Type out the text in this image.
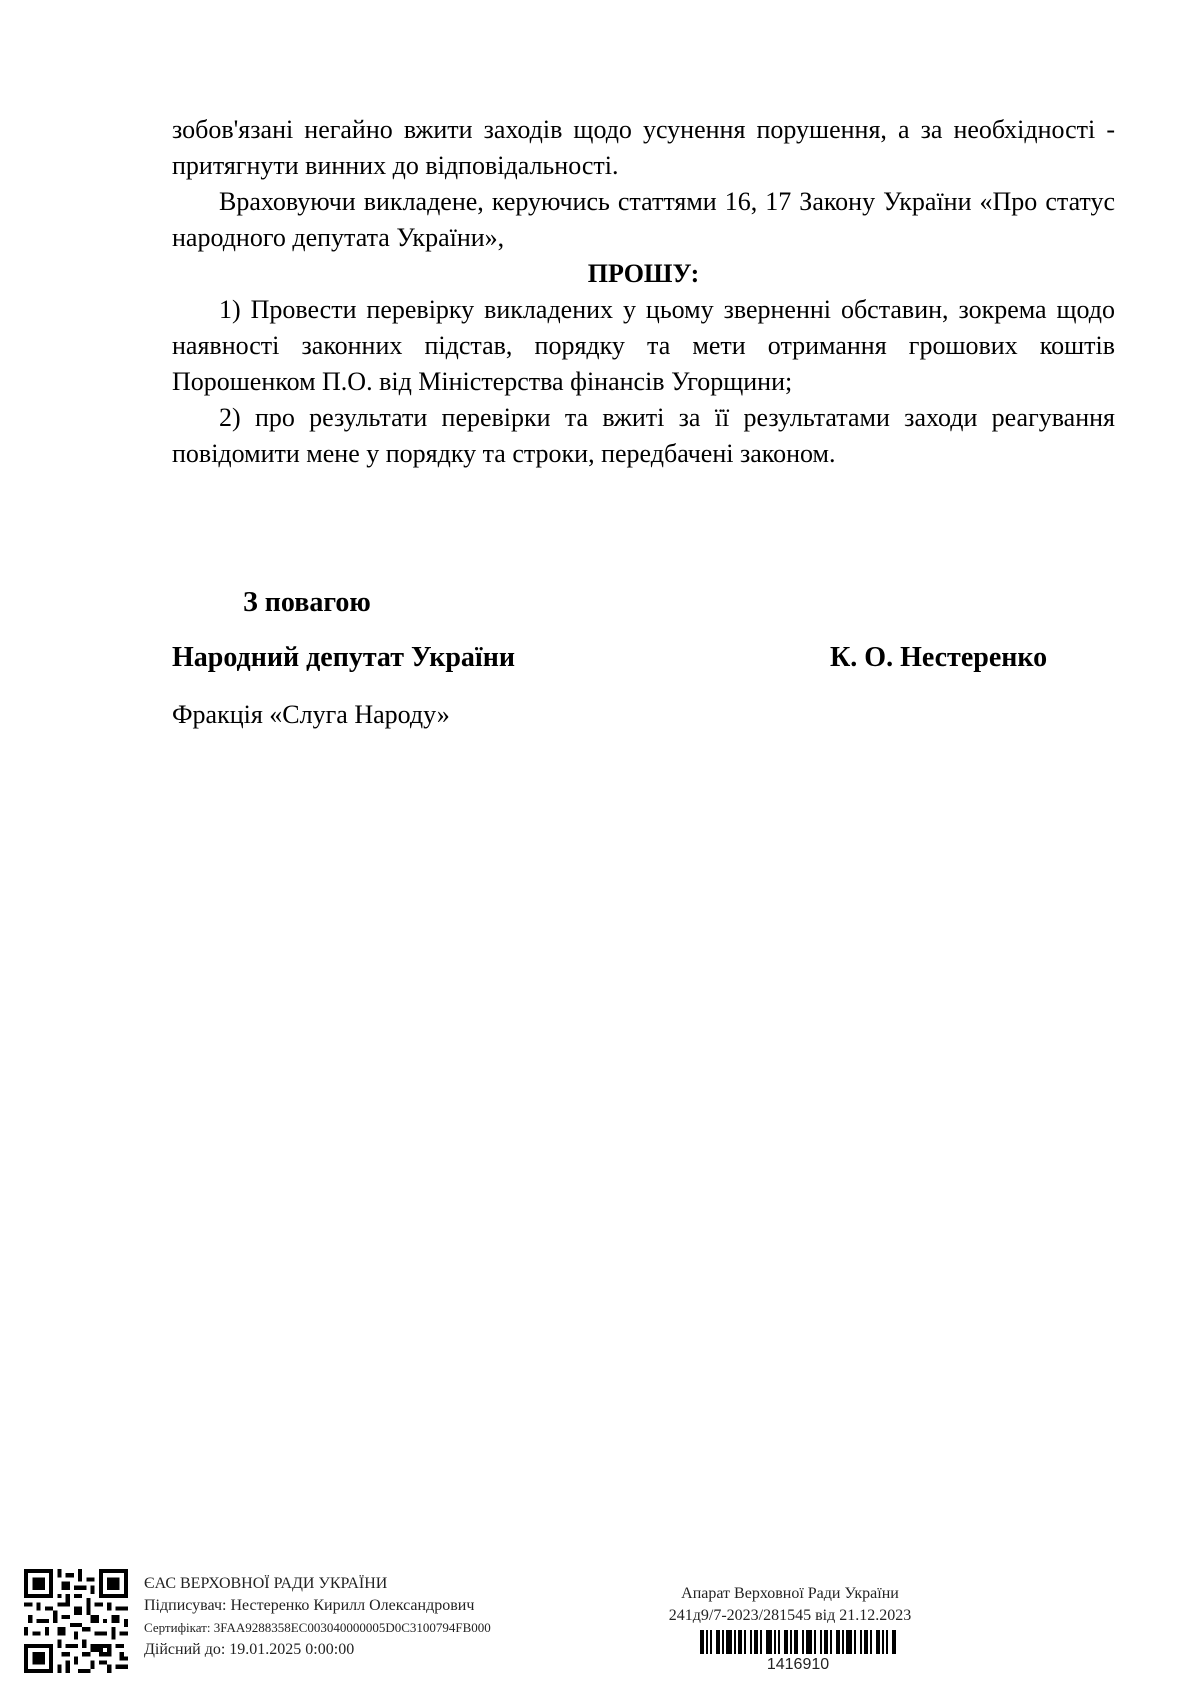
зобов'язані негайно вжити заходів щодо усунення порушення, а за необхідності - притягнути винних до відповідальності.

Враховуючи викладене, керуючись статтями 16, 17 Закону України «Про статус народного депутата України»,

ПРОШУ:

1) Провести перевірку викладених у цьому зверненні обставин, зокрема щодо наявності законних підстав, порядку та мети отримання грошових коштів Порошенком П.О. від Міністерства фінансів Угорщини;

2) про результати перевірки та вжиті за її результатами заходи реагування повідомити мене у порядку та строки, передбачені законом.

З повагою
Народний депутат України	К. О. Нестеренко
Фракція «Слуга Народу»
ЄАС ВЕРХОВНОЇ РАДИ УКРАЇНИ
Підписувач: Нестеренко Кирилл Олександрович
Сертифікат: 3FAA9288358EC003040000005D0C3100794FB000
Дійсний до: 19.01.2025 0:00:00
Апарат Верховної Ради України
241д9/7-2023/281545 від 21.12.2023
1416910
